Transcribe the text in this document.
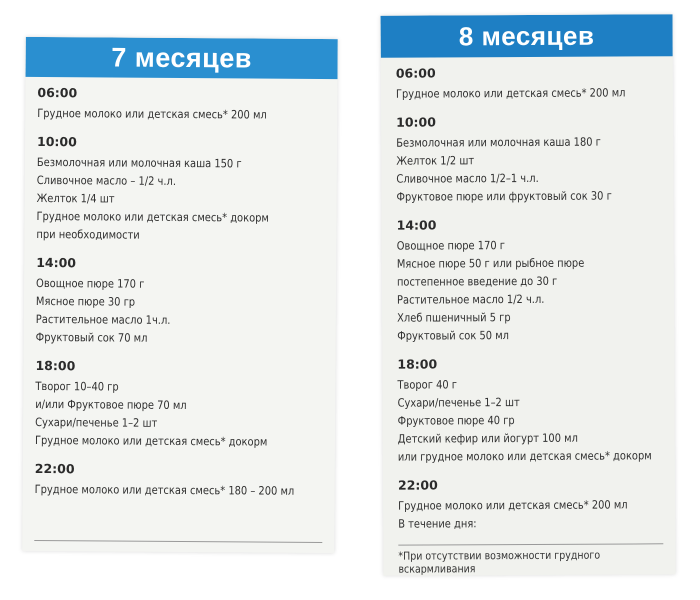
7 месяцев
06:00
Грудное молоко или детская смесь* 200 мл
10:00
Безмолочная или молочная каша 150 г
Сливочное масло – 1/2 ч.л.
Желток 1/4 шт
Грудное молоко или детская смесь* докорм
при необходимости
14:00
Овощное пюре 170 г
Мясное пюре 30 гр
Растительное масло 1ч.л.
Фруктовый сок 70 мл
18:00
Творог 10–40 гр
и/или Фруктовое пюре 70 мл
Сухари/печенье 1–2 шт
Грудное молоко или детская смесь* докорм
22:00
Грудное молоко или детская смесь* 180 – 200 мл
8 месяцев
06:00
Грудное молоко или детская смесь* 200 мл
10:00
Безмолочная или молочная каша 180 г
Желток 1/2 шт
Сливочное масло 1/2–1 ч.л.
Фруктовое пюре или фруктовый сок 30 г
14:00
Овощное пюре 170 г
Мясное пюре 50 г или рыбное пюре
постепенное введение до 30 г
Растительное масло 1/2 ч.л.
Хлеб пшеничный 5 гр
Фруктовый сок 50 мл
18:00
Творог 40 г
Сухари/печенье 1–2 шт
Фруктовое пюре 40 гр
Детский кефир или йогурт 100 мл
или грудное молоко или детская смесь* докорм
22:00
Грудное молоко или детская смесь* 200 мл
В течение дня:
*При отсутствии возможности грудного
вскармливания
